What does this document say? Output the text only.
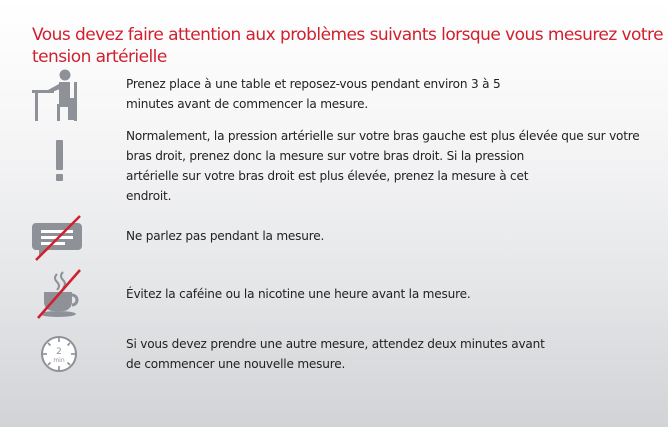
Vous devez faire attention aux problèmes suivants lorsque vous mesurez votre tension artérielle

Prenez place à une table et reposez-vous pendant environ 3 à 5
minutes avant de commencer la mesure.

Normalement, la pression artérielle sur votre bras gauche est plus élevée que sur votre
bras droit, prenez donc la mesure sur votre bras droit. Si la pression
artérielle sur votre bras droit est plus élevée, prenez la mesure à cet
endroit.

Ne parlez pas pendant la mesure.

Évitez la caféine ou la nicotine une heure avant la mesure.

2
min

Si vous devez prendre une autre mesure, attendez deux minutes avant
de commencer une nouvelle mesure.
